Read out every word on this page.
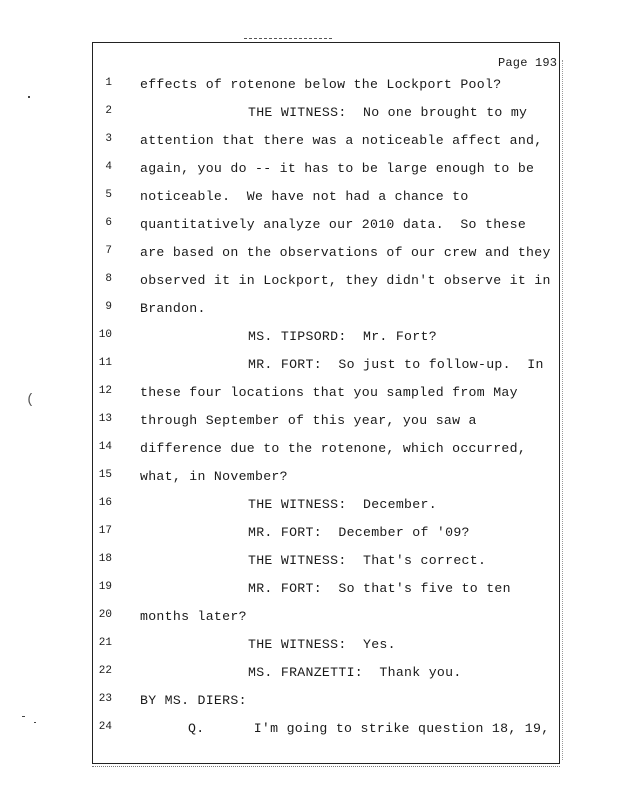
(
Page 193
1 effects of rotenone below the Lockport Pool?
2	THE WITNESS:  No one brought to my
3 attention that there was a noticeable affect and,
4 again, you do -- it has to be large enough to be
5 noticeable.  We have not had a chance to
6 quantitatively analyze our 2010 data.  So these
7 are based on the observations of our crew and they
8 observed it in Lockport, they didn't observe it in
9 Brandon.
10	MS. TIPSORD:  Mr. Fort?
11	MR. FORT:  So just to follow-up.  In
12 these four locations that you sampled from May
13 through September of this year, you saw a
14 difference due to the rotenone, which occurred,
15 what, in November?
16	THE WITNESS:  December.
17	MR. FORT:  December of '09?
18	THE WITNESS:  That's correct.
19	MR. FORT:  So that's five to ten
20 months later?
21	THE WITNESS:  Yes.
22	MS. FRANZETTI:  Thank you.
23 BY MS. DIERS:
24	Q.      I'm going to strike question 18, 19,
